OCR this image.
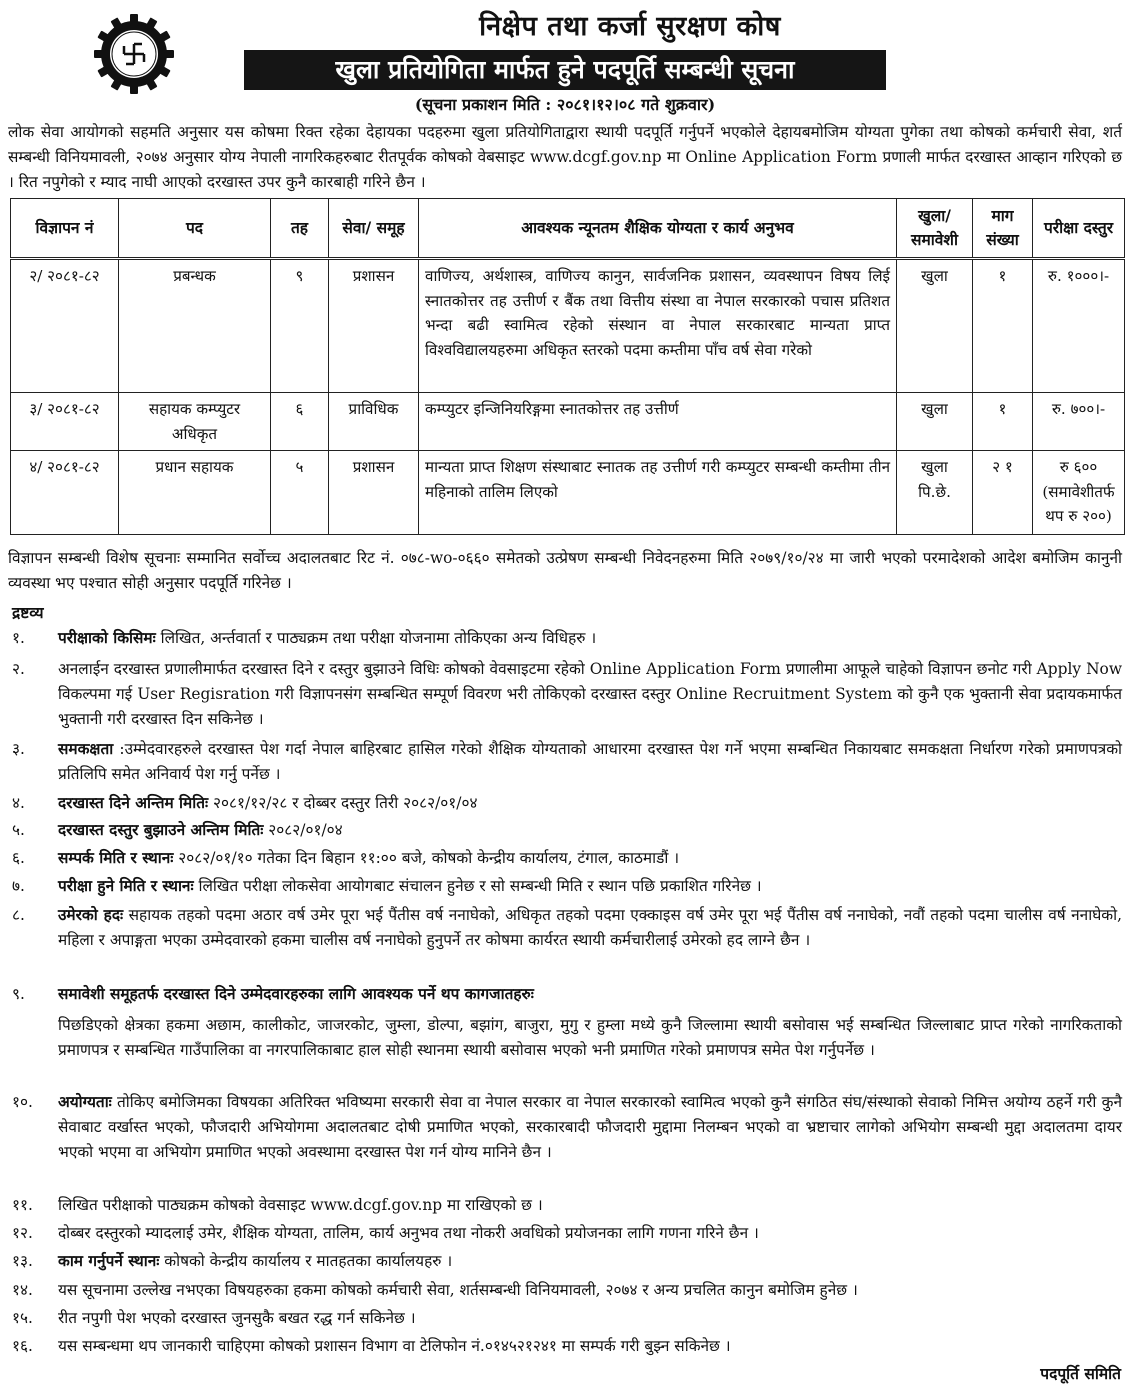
निक्षेप तथा कर्जा सुरक्षण कोष
खुला प्रतियोगिता मार्फत हुने पदपूर्ति सम्बन्धी सूचना
(सूचना प्रकाशन मिति : २०८१।१२।०८ गते शुक्रवार)
लोक सेवा आयोगको सहमति अनुसार यस कोषमा रिक्त रहेका देहायका पदहरुमा खुला प्रतियोगिताद्वारा स्थायी पदपूर्ति गर्नुपर्ने भएकोले देहायबमोजिम योग्यता पुगेका तथा कोषको कर्मचारी सेवा, शर्त सम्बन्धी विनियमावली, २०७४ अनुसार योग्य नेपाली नागरिकहरुबाट रीतपूर्वक कोषको वेबसाइट www.dcgf.gov.np मा Online Application Form प्रणाली मार्फत दरखास्त आव्हान गरिएको छ । रित नपुगेको र म्याद नाघी आएको दरखास्त उपर कुनै कारबाही गरिने छैन ।
विज्ञापन नं	पद	तह	सेवा/ समूह	आवश्यक न्यूनतम शैक्षिक योग्यता र कार्य अनुभव	खुला/ समावेशी	माग संख्या	परीक्षा दस्तुर
२/ २०८१-८२	प्रबन्धक	९	प्रशासन	वाणिज्य, अर्थशास्त्र, वाणिज्य कानुन, सार्वजनिक प्रशासन, व्यवस्थापन विषय लिई स्नातकोत्तर तह उत्तीर्ण र बैंक तथा वित्तीय संस्था वा नेपाल सरकारको पचास प्रतिशत भन्दा बढी स्वामित्व रहेको संस्थान वा नेपाल सरकारबाट मान्यता प्राप्त विश्वविद्यालयहरुमा अधिकृत स्तरको पदमा कम्तीमा पाँच वर्ष सेवा गरेको	खुला	१	रु. १०००।-
३/ २०८१-८२	सहायक कम्प्युटर अधिकृत	६	प्राविधिक	कम्प्युटर इन्जिनियरिङ्गमा स्नातकोत्तर तह उत्तीर्ण	खुला	१	रु. ७००।-
४/ २०८१-८२	प्रधान सहायक	५	प्रशासन	मान्यता प्राप्त शिक्षण संस्थाबाट स्नातक तह उत्तीर्ण गरी कम्प्युटर सम्बन्धी कम्तीमा तीन महिनाको तालिम लिएको	खुला पि.छे.	२ १	रु ६०० (समावेशीतर्फ थप रु २००)
विज्ञापन सम्बन्धी विशेष सूचनाः सम्मानित सर्वोच्च अदालतबाट रिट नं. ०७८-wo-०६६० समेतको उत्प्रेषण सम्बन्धी निवेदनहरुमा मिति २०७९/१०/२४ मा जारी भएको परमादेशको आदेश बमोजिम कानुनी व्यवस्था भए पश्चात सोही अनुसार पदपूर्ति गरिनेछ ।
द्रष्टव्य
१.	परीक्षाको किसिमः लिखित, अर्न्तवार्ता र पाठ्यक्रम तथा परीक्षा योजनामा तोकिएका अन्य विधिहरु ।
२.	अनलाईन दरखास्त प्रणालीमार्फत दरखास्त दिने र दस्तुर बुझाउने विधिः कोषको वेवसाइटमा रहेको Online Application Form प्रणालीमा आफूले चाहेको विज्ञापन छनोट गरी Apply Now विकल्पमा गई User Regisration गरी विज्ञापनसंग सम्बन्धित सम्पूर्ण विवरण भरी तोकिएको दरखास्त दस्तुर Online Recruitment System को कुनै एक भुक्तानी सेवा प्रदायकमार्फत भुक्तानी गरी दरखास्त दिन सकिनेछ ।
३.	समकक्षता :उम्मेदवारहरुले दरखास्त पेश गर्दा नेपाल बाहिरबाट हासिल गरेको शैक्षिक योग्यताको आधारमा दरखास्त पेश गर्ने भएमा सम्बन्धित निकायबाट समकक्षता निर्धारण गरेको प्रमाणपत्रको प्रतिलिपि समेत अनिवार्य पेश गर्नु पर्नेछ ।
४.	दरखास्त दिने अन्तिम मितिः २०८१/१२/२८ र दोब्बर दस्तुर तिरी २०८२/०१/०४
५.	दरखास्त दस्तुर बुझाउने अन्तिम मितिः २०८२/०१/०४
६.	सम्पर्क मिति र स्थानः २०८२/०१/१० गतेका दिन बिहान ११:०० बजे, कोषको केन्द्रीय कार्यालय, टंगाल, काठमाडौं ।
७.	परीक्षा हुने मिति र स्थानः लिखित परीक्षा लोकसेवा आयोगबाट संचालन हुनेछ र सो सम्बन्धी मिति र स्थान पछि प्रकाशित गरिनेछ ।
८.	उमेरको हदः सहायक तहको पदमा अठार वर्ष उमेर पूरा भई पैंतीस वर्ष ननाघेको, अधिकृत तहको पदमा एक्काइस वर्ष उमेर पूरा भई पैंतीस वर्ष ननाघेको, नवौं तहको पदमा चालीस वर्ष ननाघेको, महिला र अपाङ्गता भएका उम्मेदवारको हकमा चालीस वर्ष ननाघेको हुनुपर्ने तर कोषमा कार्यरत स्थायी कर्मचारीलाई उमेरको हद लाग्ने छैन ।
९.	समावेशी समूहतर्फ दरखास्त दिने उम्मेदवारहरुका लागि आवश्यक पर्ने थप कागजातहरुः
पिछडिएको क्षेत्रका हकमा अछाम, कालीकोट, जाजरकोट, जुम्ला, डोल्पा, बझांग, बाजुरा, मुगु र हुम्ला मध्ये कुनै जिल्लामा स्थायी बसोवास भई सम्बन्धित जिल्लाबाट प्राप्त गरेको नागरिकताको प्रमाणपत्र र सम्बन्धित गाउँपालिका वा नगरपालिकाबाट हाल सोही स्थानमा स्थायी बसोवास भएको भनी प्रमाणित गरेको प्रमाणपत्र समेत पेश गर्नुपर्नेछ ।
१०.	अयोग्यताः तोकिए बमोजिमका विषयका अतिरिक्त भविष्यमा सरकारी सेवा वा नेपाल सरकार वा नेपाल सरकारको स्वामित्व भएको कुनै संगठित संघ/संस्थाको सेवाको निमित्त अयोग्य ठहर्ने गरी कुनै सेवाबाट वर्खास्त भएको, फौजदारी अभियोगमा अदालतबाट दोषी प्रमाणित भएको, सरकारबादी फौजदारी मुद्दामा निलम्बन भएको वा भ्रष्टाचार लागेको अभियोग सम्बन्धी मुद्दा अदालतमा दायर भएको भएमा वा अभियोग प्रमाणित भएको अवस्थामा दरखास्त पेश गर्न योग्य मानिने छैन ।
११.	लिखित परीक्षाको पाठ्यक्रम कोषको वेवसाइट www.dcgf.gov.np मा राखिएको छ ।
१२.	दोब्बर दस्तुरको म्यादलाई उमेर, शैक्षिक योग्यता, तालिम, कार्य अनुभव तथा नोकरी अवधिको प्रयोजनका लागि गणना गरिने छैन ।
१३.	काम गर्नुपर्ने स्थानः कोषको केन्द्रीय कार्यालय र मातहतका कार्यालयहरु ।
१४.	यस सूचनामा उल्लेख नभएका विषयहरुका हकमा कोषको कर्मचारी सेवा, शर्तसम्बन्धी विनियमावली, २०७४ र अन्य प्रचलित कानुन बमोजिम हुनेछ ।
१५.	रीत नपुगी पेश भएको दरखास्त जुनसुकै बखत रद्ध गर्न सकिनेछ ।
१६.	यस सम्बन्धमा थप जानकारी चाहिएमा कोषको प्रशासन विभाग वा टेलिफोन नं.०१४५२१२४१ मा सम्पर्क गरी बुझ्न सकिनेछ ।
पदपूर्ति समिति
